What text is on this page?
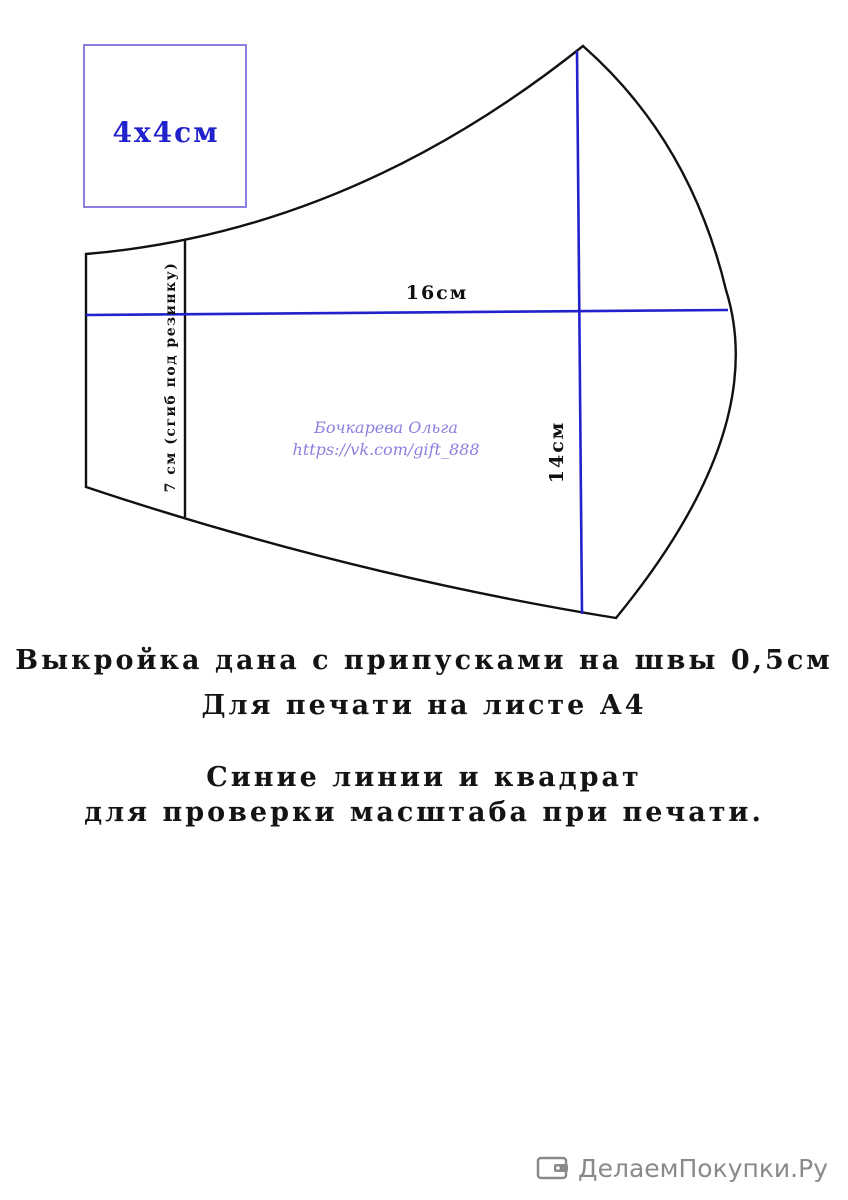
4x4см
16см
14см
7 см (сгиб под резинку)	Бочкарева Ольга
https://vk.com/gift_888
Выкройка дана с припусками на швы 0,5см
Для печати на листе А4
Синие линии и квадрат
для проверки масштаба при печати.
ДелаемПокупки.Ру
